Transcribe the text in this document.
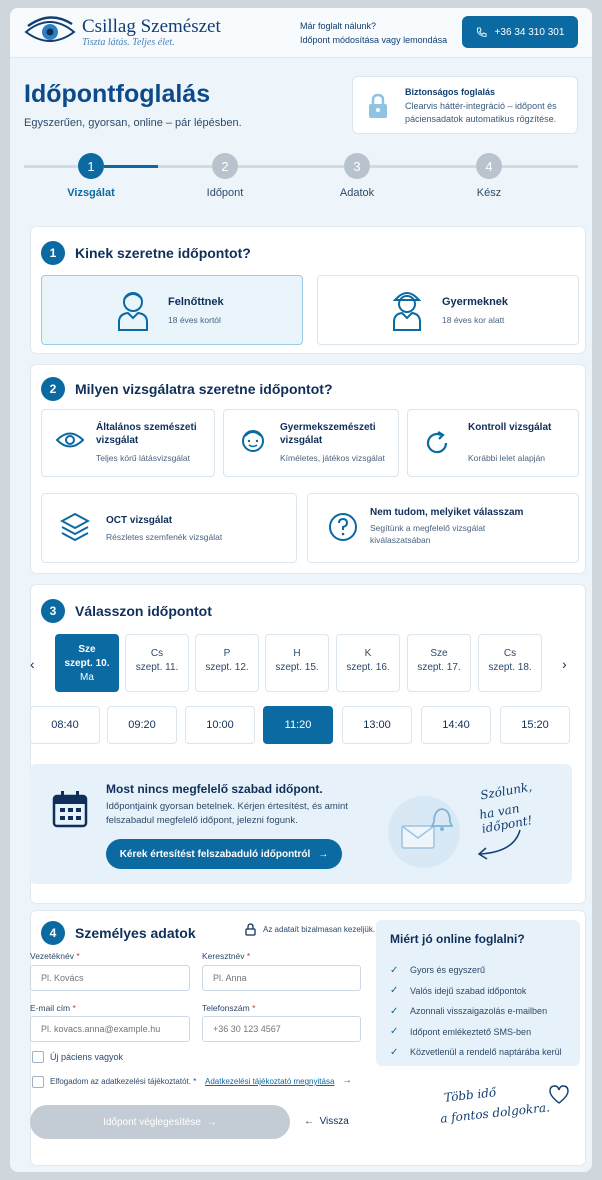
Csillag Szemészet
Tiszta látás. Teljes élet.
Már foglalt nálunk?
Időpont módosítása vagy lemondása
+36 34 310 301
Időpontfoglalás
Egyszerűen, gyorsan, online – pár lépésben.
Biztonságos foglalás
Clearvis háttér-integráció – időpont és páciensadatok automatikus rögzítése.
1	2	3	4
Vizsgálat	Időpont	Adatok	Kész
1	Kinek szeretne időpontot?
Felnőttnek
18 éves kortól
Gyermeknek
18 éves kor alatt
2	Milyen vizsgálatra szeretne időpontot?
Általános szemészeti vizsgálat
Teljes körű látásvizsgálat
Gyermekszemészeti vizsgálat
Kíméletes, játékos vizsgálat
Kontroll vizsgálat
Korábbi lelet alapján
OCT vizsgálat
Részletes szemfenék vizsgálat
Nem tudom, melyiket válasszam
Segítünk a megfelelő vizsgálat kiválaszatsában
3	Válasszon időpontot
‹	›
Sze
szept. 10.
Ma
Cs
szept. 11.
P
szept. 12.
H
szept. 15.
K
szept. 16.
Sze
szept. 17.
Cs
szept. 18.
08:40	09:20	10:00	11:20	13:00	14:40	15:20
Most nincs megfelelő szabad időpont.
Időpontjaink gyorsan betelnek. Kérjen értesítést, és amint felszabadul megfelelő időpont, jelezni fogunk.
Kérek értesítést felszabaduló időpontról →
Szólunk,
ha van időpont!
4	Személyes adatok	Az adataít bizalmasan kezeljük.
Vezetéknév *
Pl. Kovács	Keresztnév *
Pl. Anna
E-mail cím *
Pl. kovacs.anna@example.hu	Telefonszám *
+36 30 123 4567
Új páciens vagyok
Elfogadom az adatkezelési tájékoztatót. * Adatkezelési tájékoztató megnyitása →
Miért jó online foglalni?
✓ Gyors és egyszerű
✓ Valós idejű szabad időpontok
✓ Azonnali visszaigazolás e-mailben
✓ Időpont emlékeztető SMS-ben
✓ Közvetlenül a rendelő naptárába kerül
Több idő
a fontos dolgokra.
Időpont véglegesítése →	← Vissza
